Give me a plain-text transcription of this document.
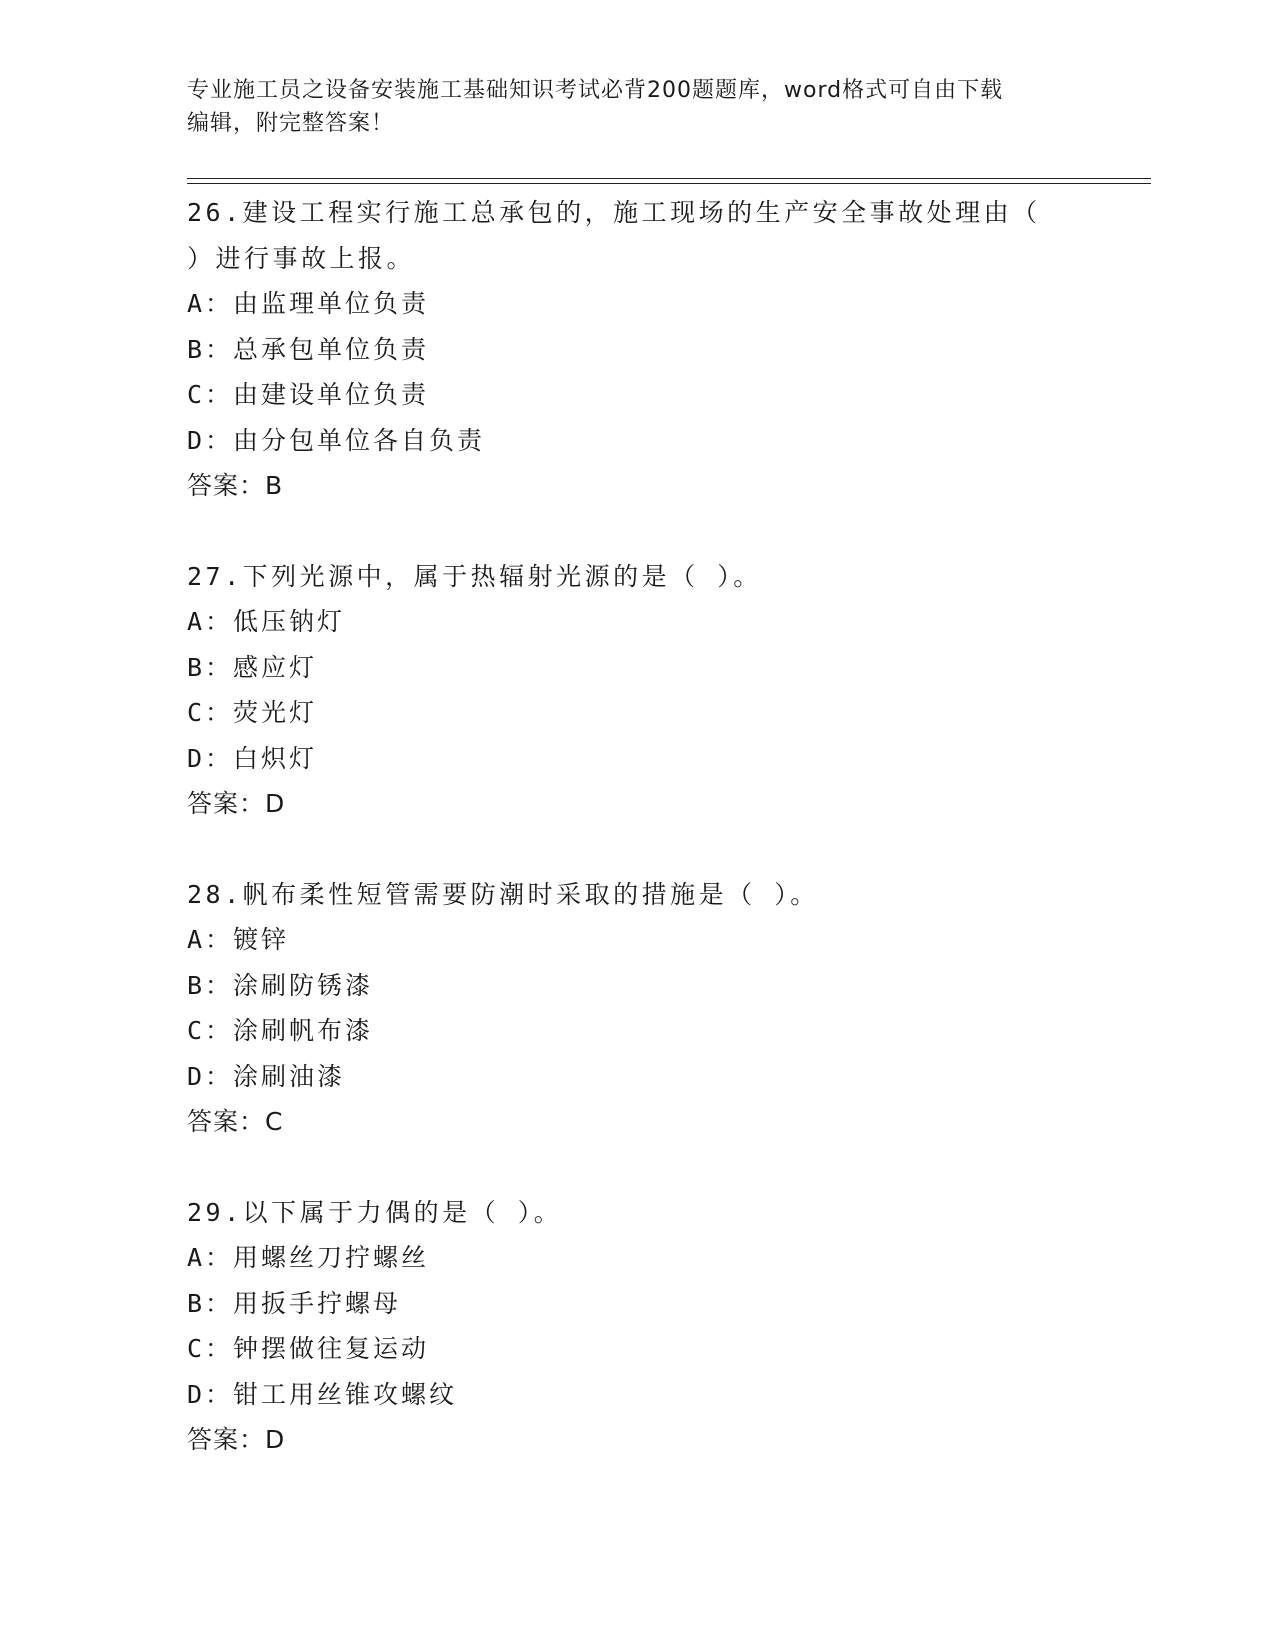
专业施工员之设备安装施工基础知识考试必背200题题库，word格式可自由下载
编辑，附完整答案！
26.建设工程实行施工总承包的，施工现场的生产安全事故处理由（
）进行事故上报。
A：由监理单位负责
B：总承包单位负责
C：由建设单位负责
D：由分包单位各自负责
答案：B
27.下列光源中，属于热辐射光源的是（ ）。
A：低压钠灯
B：感应灯
C：荧光灯
D：白炽灯
答案：D
28.帆布柔性短管需要防潮时采取的措施是（ ）。
A：镀锌
B：涂刷防锈漆
C：涂刷帆布漆
D：涂刷油漆
答案：C
29.以下属于力偶的是（ ）。
A：用螺丝刀拧螺丝
B：用扳手拧螺母
C：钟摆做往复运动
D：钳工用丝锥攻螺纹
答案：D
